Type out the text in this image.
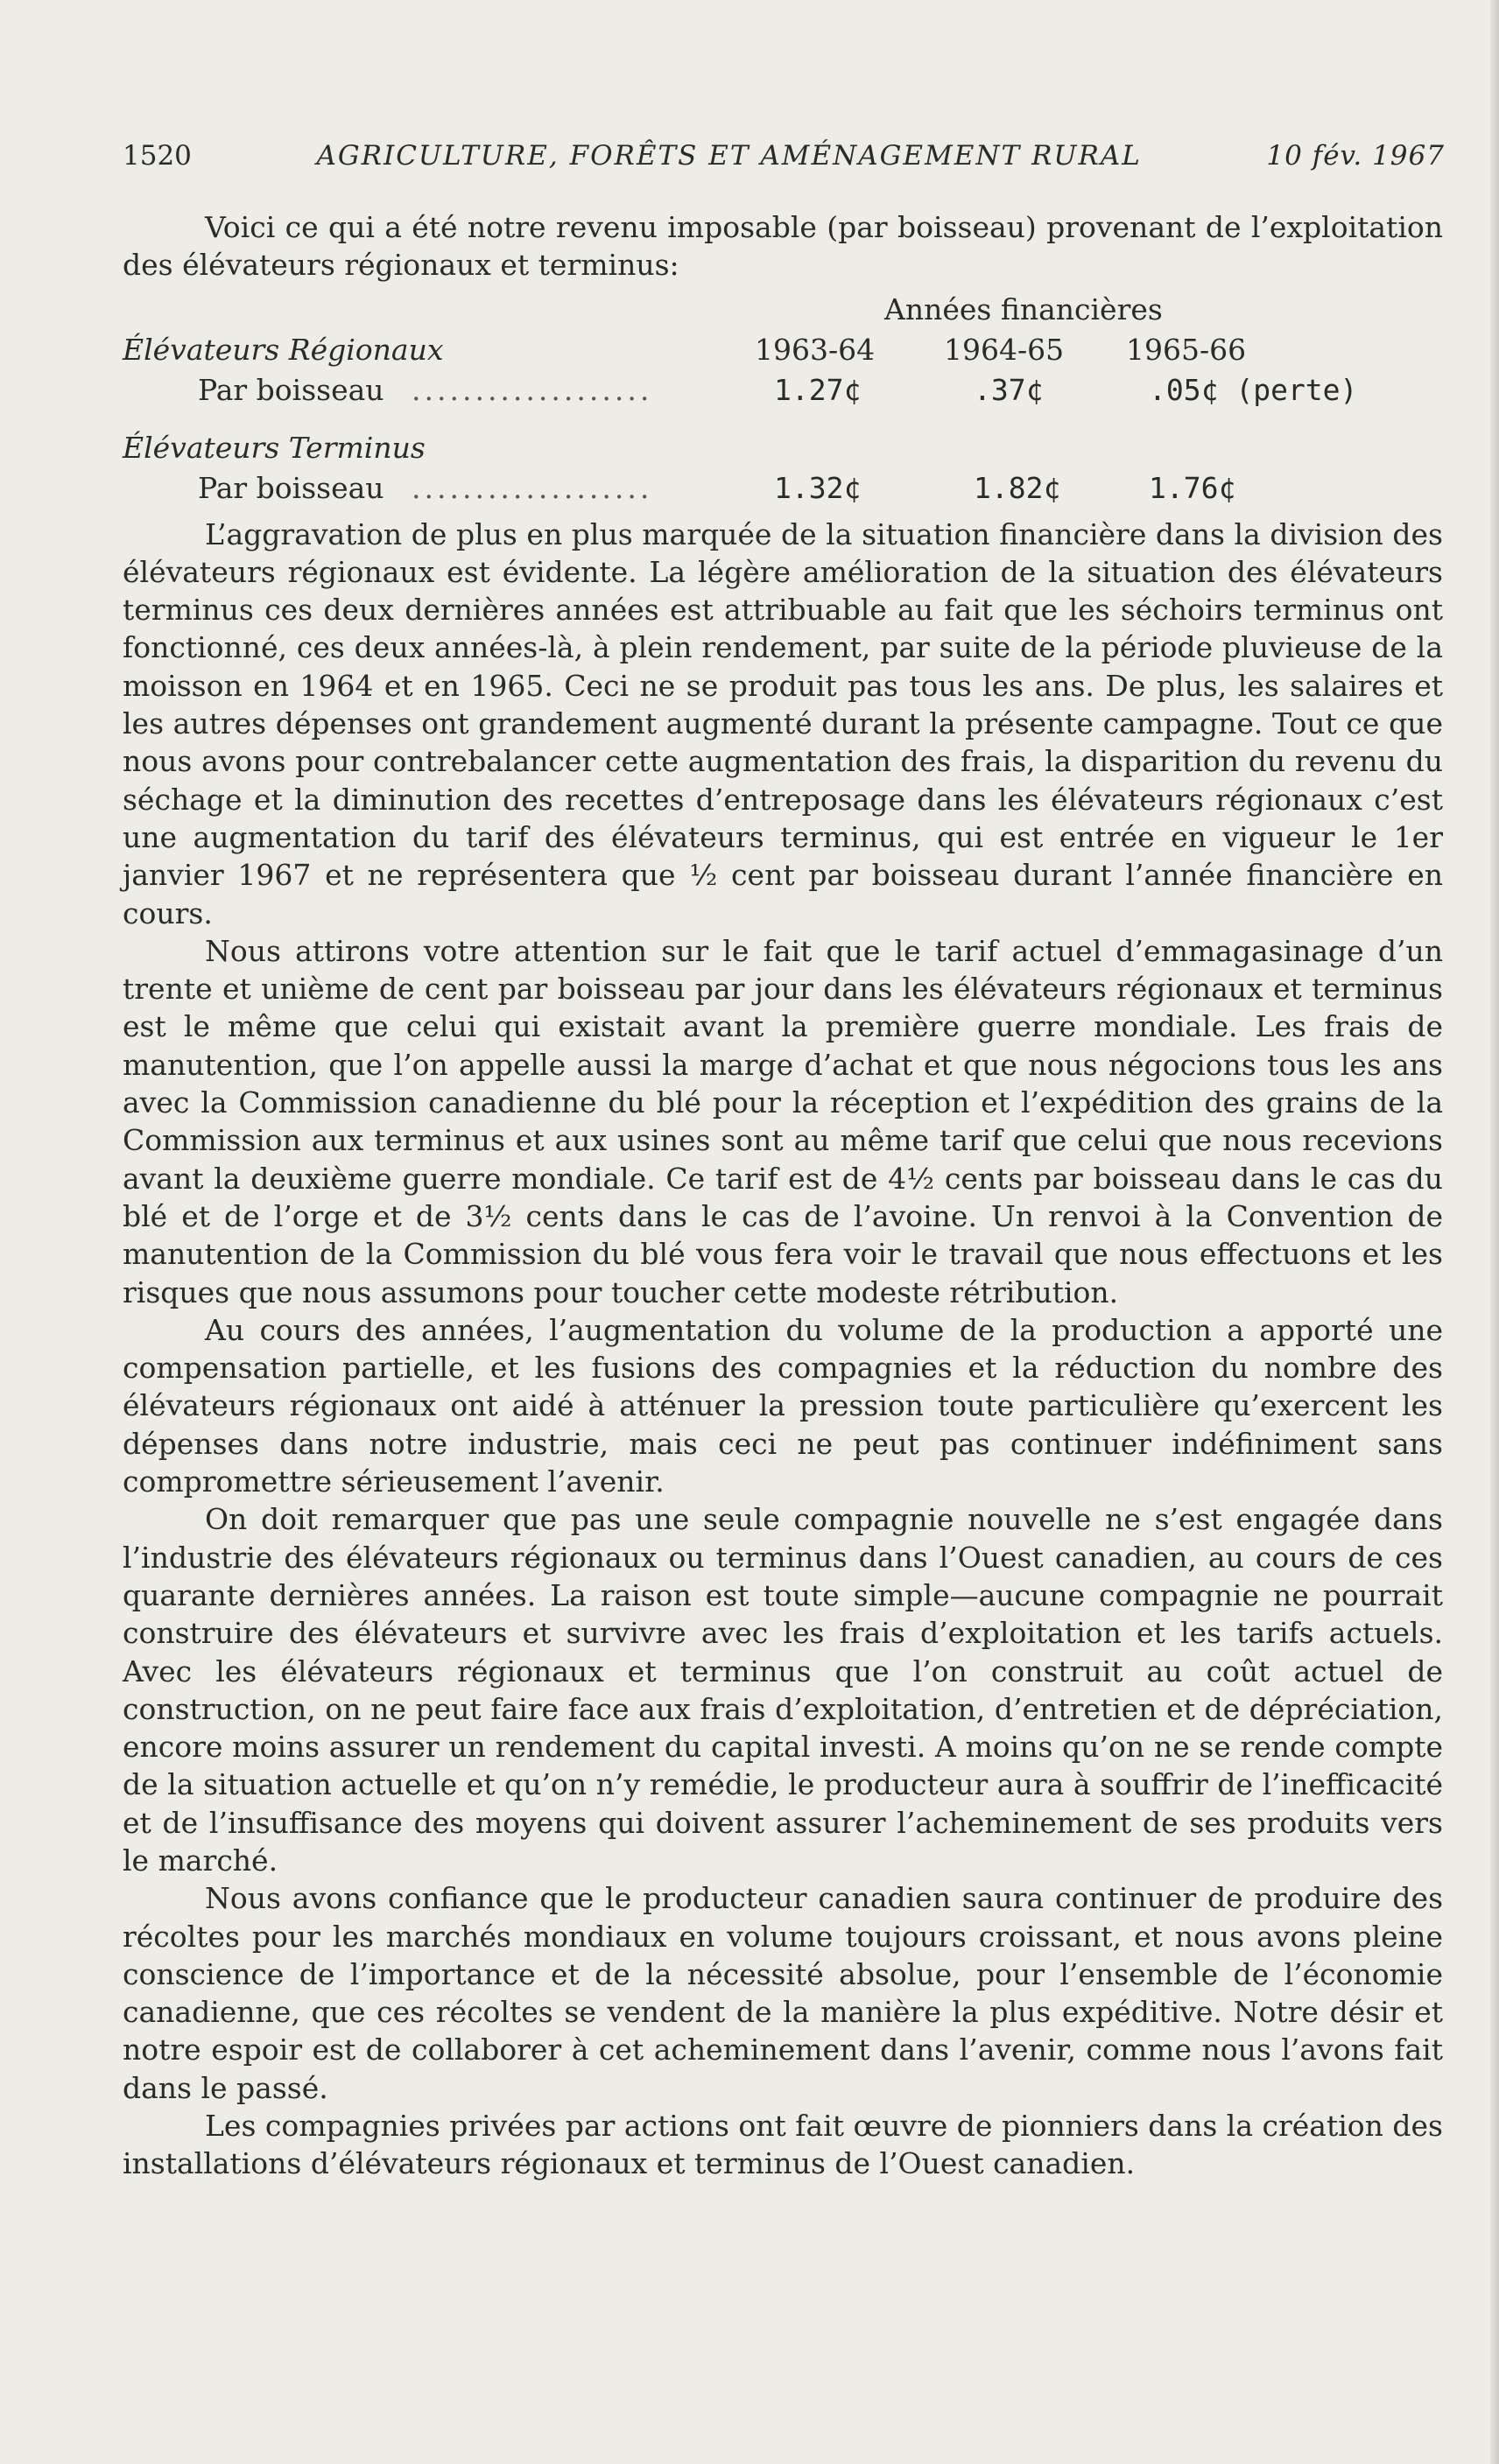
1520	AGRICULTURE, FORÊTS ET AMÉNAGEMENT RURAL	10 fév. 1967

Voici ce qui a été notre revenu imposable (par boisseau) provenant de l’exploitation des élévateurs régionaux et terminus:

Années financières
Élévateurs Régionaux	1963-64 1964-65 1965-66
Par boisseau ...................	1.27¢	.37¢	.05¢ (perte)
Élévateurs Terminus
Par boisseau ...................	1.32¢	1.82¢	1.76¢

L’aggravation de plus en plus marquée de la situation financière dans la division des élévateurs régionaux est évidente. La légère amélioration de la situation des élévateurs terminus ces deux dernières années est attribuable au fait que les séchoirs terminus ont fonctionné, ces deux années-là, à plein rendement, par suite de la période pluvieuse de la moisson en 1964 et en 1965. Ceci ne se produit pas tous les ans. De plus, les salaires et les autres dépenses ont grandement augmenté durant la présente campagne. Tout ce que nous avons pour contrebalancer cette augmentation des frais, la disparition du revenu du séchage et la diminution des recettes d’entreposage dans les élévateurs régionaux c’est une augmentation du tarif des élévateurs terminus, qui est entrée en vigueur le 1er janvier 1967 et ne représentera que ½ cent par boisseau durant l’année financière en cours.

Nous attirons votre attention sur le fait que le tarif actuel d’emmagasinage d’un trente et unième de cent par boisseau par jour dans les élévateurs régionaux et terminus est le même que celui qui existait avant la première guerre mondiale. Les frais de manutention, que l’on appelle aussi la marge d’achat et que nous négocions tous les ans avec la Commission canadienne du blé pour la réception et l’expédition des grains de la Commission aux terminus et aux usines sont au même tarif que celui que nous recevions avant la deuxième guerre mondiale. Ce tarif est de 4½ cents par boisseau dans le cas du blé et de l’orge et de 3½ cents dans le cas de l’avoine. Un renvoi à la Convention de manutention de la Commission du blé vous fera voir le travail que nous effectuons et les risques que nous assumons pour toucher cette modeste rétribution.

Au cours des années, l’augmentation du volume de la production a apporté une compensation partielle, et les fusions des compagnies et la réduction du nombre des élévateurs régionaux ont aidé à atténuer la pression toute particulière qu’exercent les dépenses dans notre industrie, mais ceci ne peut pas continuer indéfiniment sans compromettre sérieusement l’avenir.

On doit remarquer que pas une seule compagnie nouvelle ne s’est engagée dans l’industrie des élévateurs régionaux ou terminus dans l’Ouest canadien, au cours de ces quarante dernières années. La raison est toute simple—aucune compagnie ne pourrait construire des élévateurs et survivre avec les frais d’exploitation et les tarifs actuels. Avec les élévateurs régionaux et terminus que l’on construit au coût actuel de construction, on ne peut faire face aux frais d’exploitation, d’entretien et de dépréciation, encore moins assurer un rendement du capital investi. A moins qu’on ne se rende compte de la situation actuelle et qu’on n’y remédie, le producteur aura à souffrir de l’inefficacité et de l’insuffisance des moyens qui doivent assurer l’acheminement de ses produits vers le marché.

Nous avons confiance que le producteur canadien saura continuer de produire des récoltes pour les marchés mondiaux en volume toujours croissant, et nous avons pleine conscience de l’importance et de la nécessité absolue, pour l’ensemble de l’économie canadienne, que ces récoltes se vendent de la manière la plus expéditive. Notre désir et notre espoir est de collaborer à cet acheminement dans l’avenir, comme nous l’avons fait dans le passé.

Les compagnies privées par actions ont fait œuvre de pionniers dans la création des installations d’élévateurs régionaux et terminus de l’Ouest canadien.
